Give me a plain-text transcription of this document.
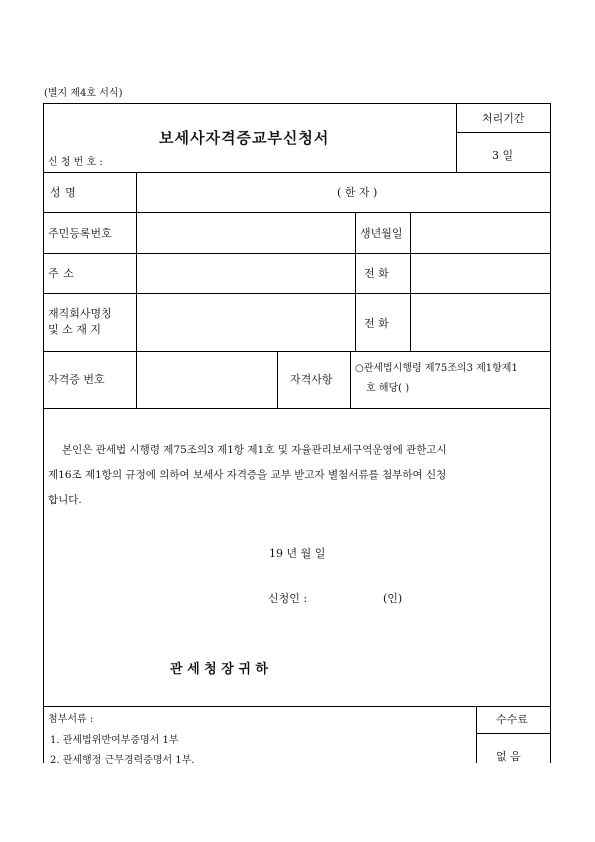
(별지 제4호 서식)
보세사자격증교부신청서
신 청 번 호 :
처리기간
3 일
성 명	( 한 자 )
주민등록번호	생년월일
주 소	전 화
재직회사명칭
및 소 재 지	전 화
자격증 번호	자격사항
○관세법시행령 제75조의3 제1항제1
호 해당( )
본인은 관세법 시행령 제75조의3 제1항 제1호 및 자율관리보세구역운영에 관한고시
제16조 제1항의 규정에 의하여 보세사 자격증을 교부 받고자 별첨서류를 첨부하여 신청
합니다.
19 년 월 일
신청인 :	(인)
관 세 청 장 귀 하
첨부서류 :
1. 관세법위반여부증명서 1부
2. 관세행정 근무경력증명서 1부.
수수료
없 음
